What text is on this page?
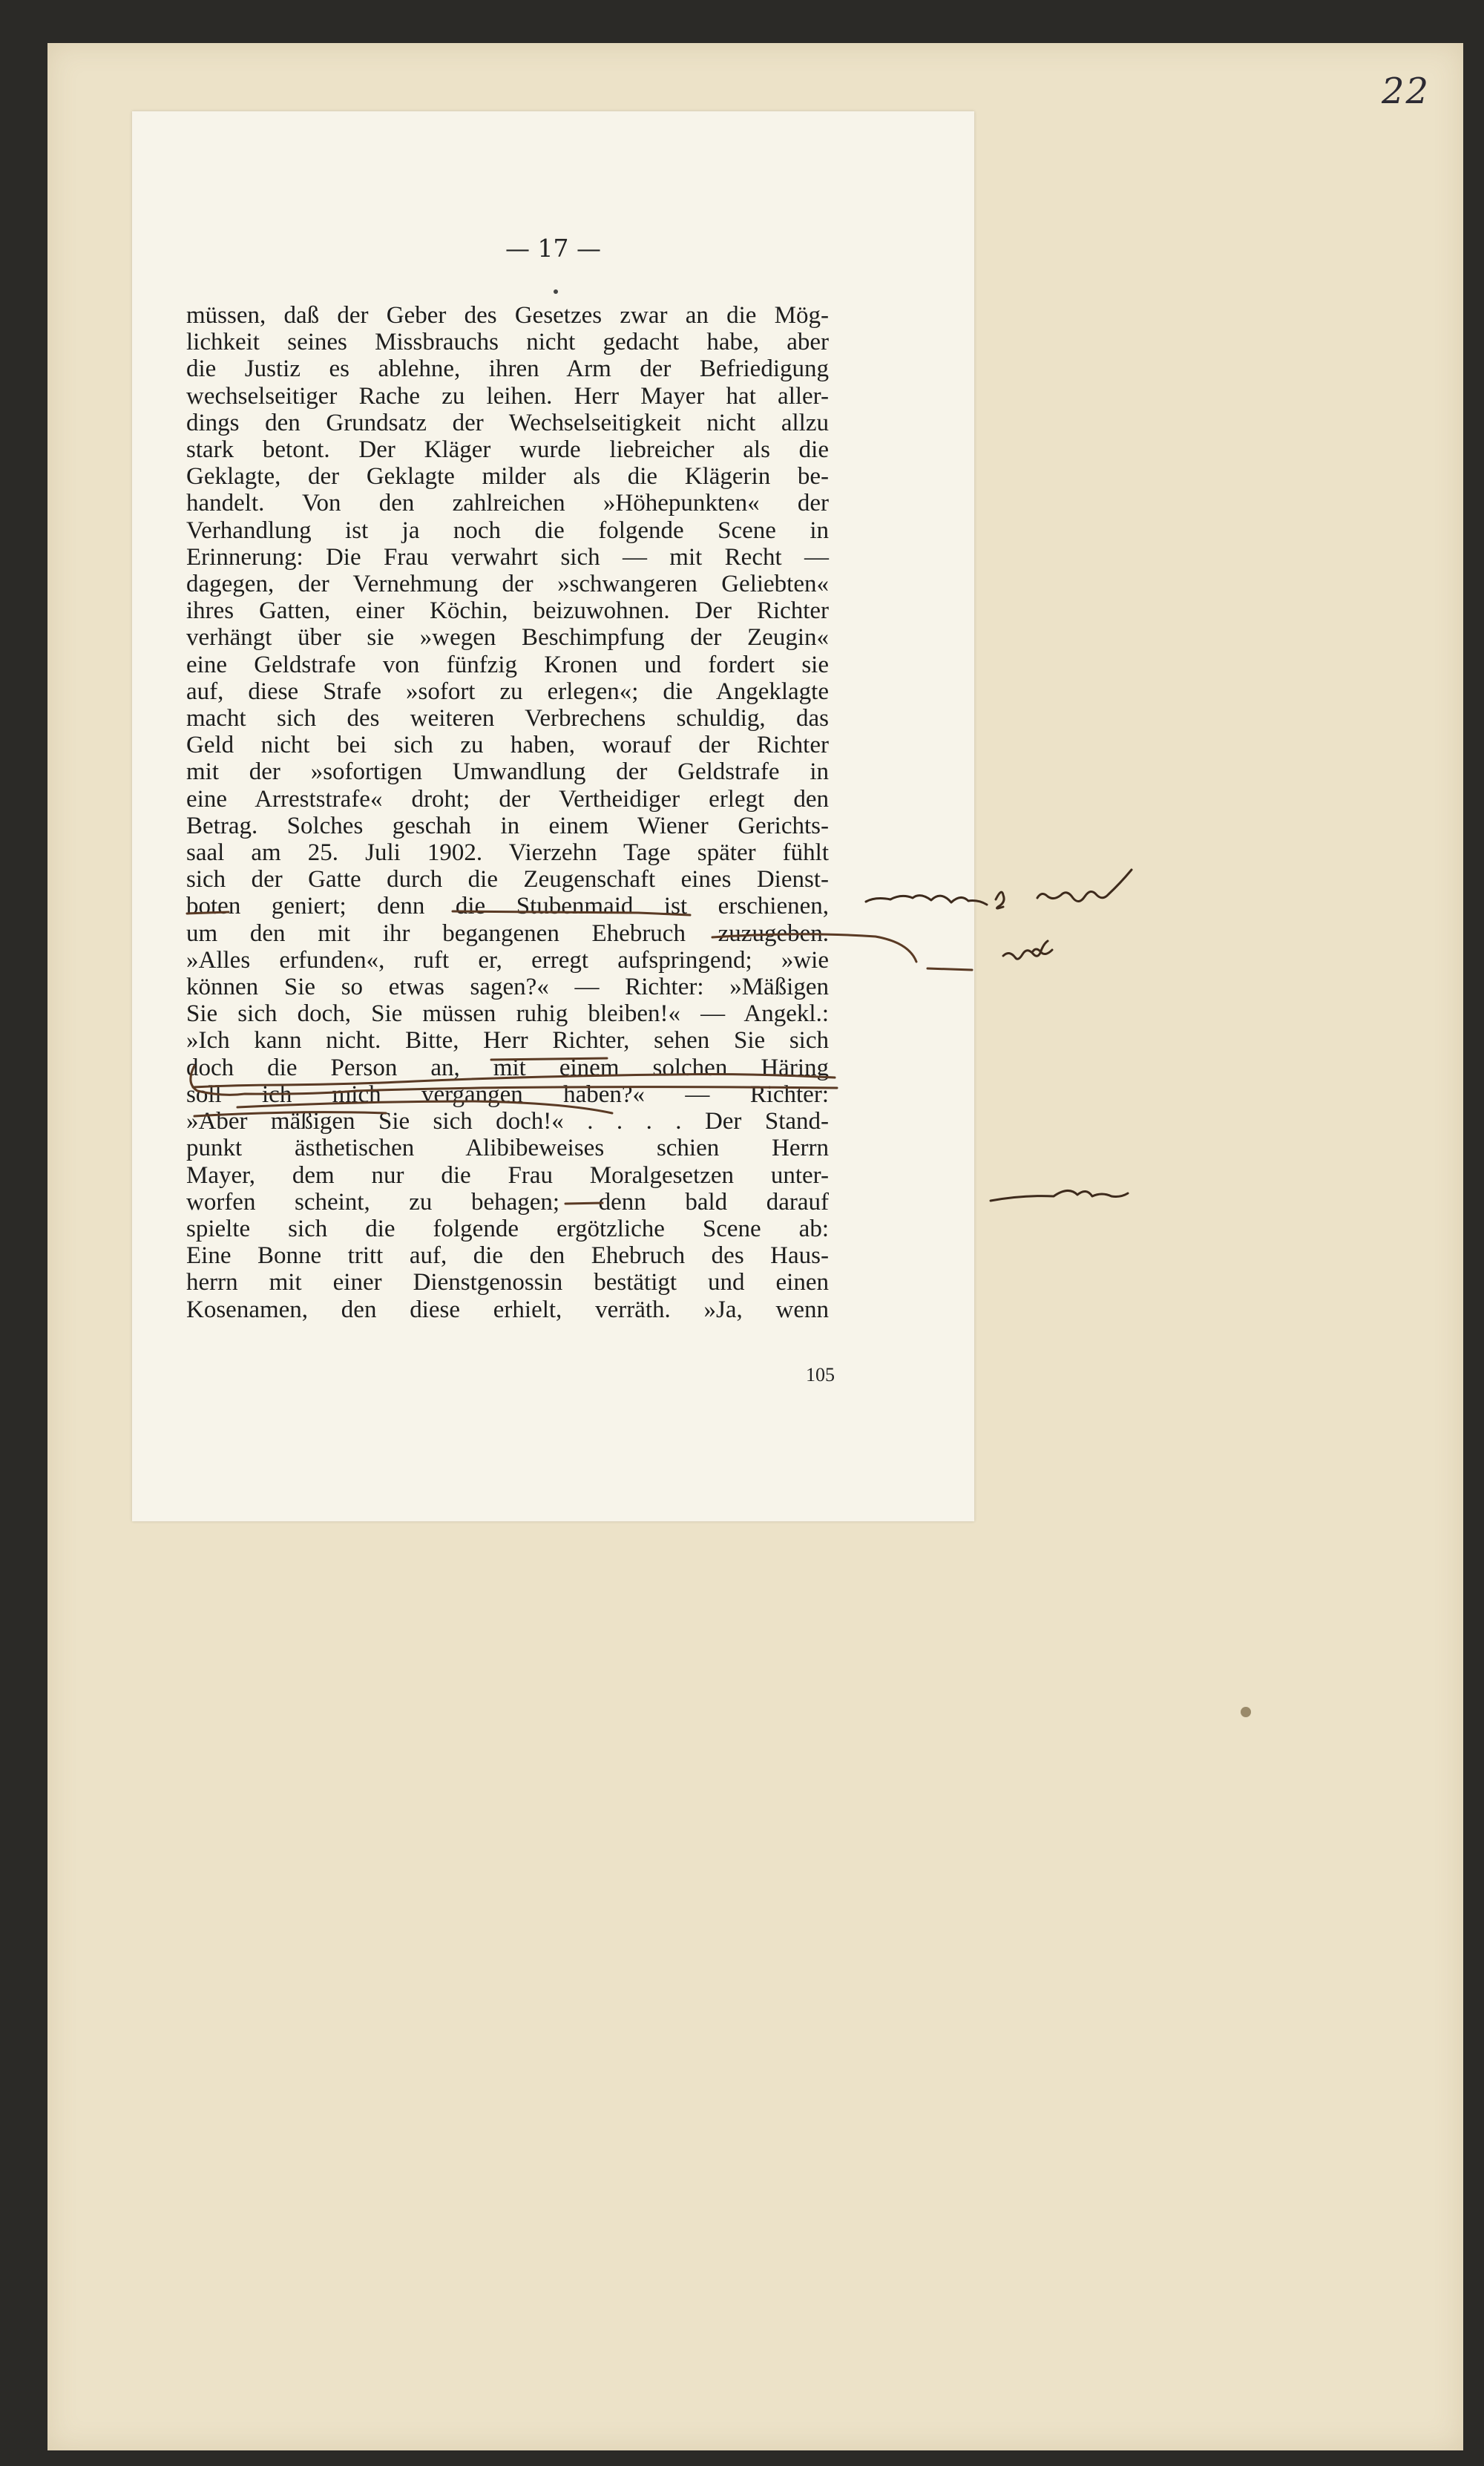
22
— 17 —
müssen, daß der Geber des Gesetzes zwar an die Mög-
lichkeit seines Missbrauchs nicht gedacht habe, aber
die Justiz es ablehne, ihren Arm der Befriedigung
wechselseitiger Rache zu leihen. Herr Mayer hat aller-
dings den Grundsatz der Wechselseitigkeit nicht allzu
stark betont. Der Kläger wurde liebreicher als die
Geklagte, der Geklagte milder als die Klägerin be-
handelt. Von den zahlreichen »Höhepunkten« der
Verhandlung ist ja noch die folgende Scene in
Erinnerung: Die Frau verwahrt sich — mit Recht —
dagegen, der Vernehmung der »schwangeren Geliebten«
ihres Gatten, einer Köchin, beizuwohnen. Der Richter
verhängt über sie »wegen Beschimpfung der Zeugin«
eine Geldstrafe von fünfzig Kronen und fordert sie
auf, diese Strafe »sofort zu erlegen«; die Angeklagte
macht sich des weiteren Verbrechens schuldig, das
Geld nicht bei sich zu haben, worauf der Richter
mit der »sofortigen Umwandlung der Geldstrafe in
eine Arreststrafe« droht; der Vertheidiger erlegt den
Betrag. Solches geschah in einem Wiener Gerichts-
saal am 25. Juli 1902. Vierzehn Tage später fühlt
sich der Gatte durch die Zeugenschaft eines Dienst-
boten geniert; denn die Stubenmaid ist erschienen,
um den mit ihr begangenen Ehebruch zuzugeben.
»Alles erfunden«, ruft er, erregt aufspringend; »wie
können Sie so etwas sagen?« — Richter: »Mäßigen
Sie sich doch, Sie müssen ruhig bleiben!« — Angekl.:
»Ich kann nicht. Bitte, Herr Richter, sehen Sie sich
doch die Person an, mit einem solchen Häring
soll ich mich vergangen haben?« — Richter:
»Aber mäßigen Sie sich doch!« . . . . Der Stand-
punkt ästhetischen Alibibeweises schien Herrn
Mayer, dem nur die Frau Moralgesetzen unter-
worfen scheint, zu behagen; denn bald darauf
spielte sich die folgende ergötzliche Scene ab:
Eine Bonne tritt auf, die den Ehebruch des Haus-
herrn mit einer Dienstgenossin bestätigt und einen
Kosenamen, den diese erhielt, verräth. »Ja, wenn
105
